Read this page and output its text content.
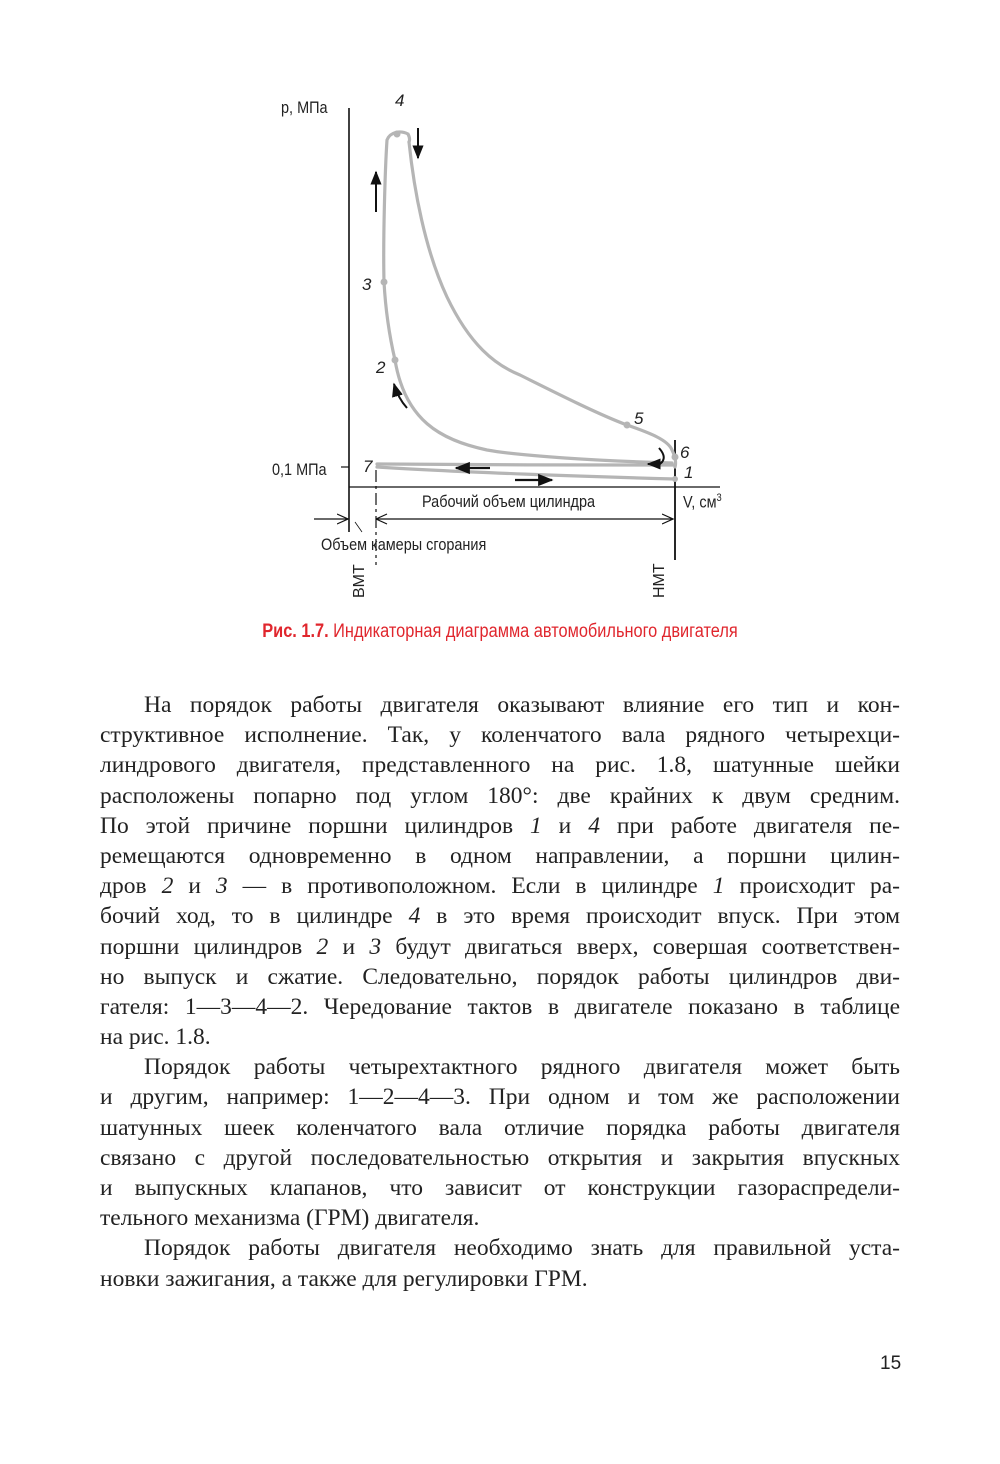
p, МПа
0,1 МПа
V, $см^3$
Рабочий объем цилиндра
Объем камеры сгорания
ВМТ	НМТ
1
2
3
4
5
6
7
Рис. 1.7. Индикаторная диаграмма автомобильного двигателя
На порядок работы двигателя оказывают влияние его тип и кон-
структивное исполнение. Так, у коленчатого вала рядного четырехци-
линдрового двигателя, представленного на рис. 1.8, шатунные шейки
расположены попарно под углом 180°: две крайних к двум средним.
По этой причине поршни цилиндров 1 и 4 при работе двигателя пе-
ремещаются одновременно в одном направлении, а поршни цилин-
дров 2 и 3 — в противоположном. Если в цилиндре 1 происходит ра-
бочий ход, то в цилиндре 4 в это время происходит впуск. При этом
поршни цилиндров 2 и 3 будут двигаться вверх, совершая соответствен-
но выпуск и сжатие. Следовательно, порядок работы цилиндров дви-
гателя: 1—3—4—2. Чередование тактов в двигателе показано в таблице
на рис. 1.8.
Порядок работы четырехтактного рядного двигателя может быть
и другим, например: 1—2—4—3. При одном и том же расположении
шатунных шеек коленчатого вала отличие порядка работы двигателя
связано с другой последовательностью открытия и закрытия впускных
и выпускных клапанов, что зависит от конструкции газораспредели-
тельного механизма (ГРМ) двигателя.
Порядок работы двигателя необходимо знать для правильной уста-
новки зажигания, а также для регулировки ГРМ.
15
